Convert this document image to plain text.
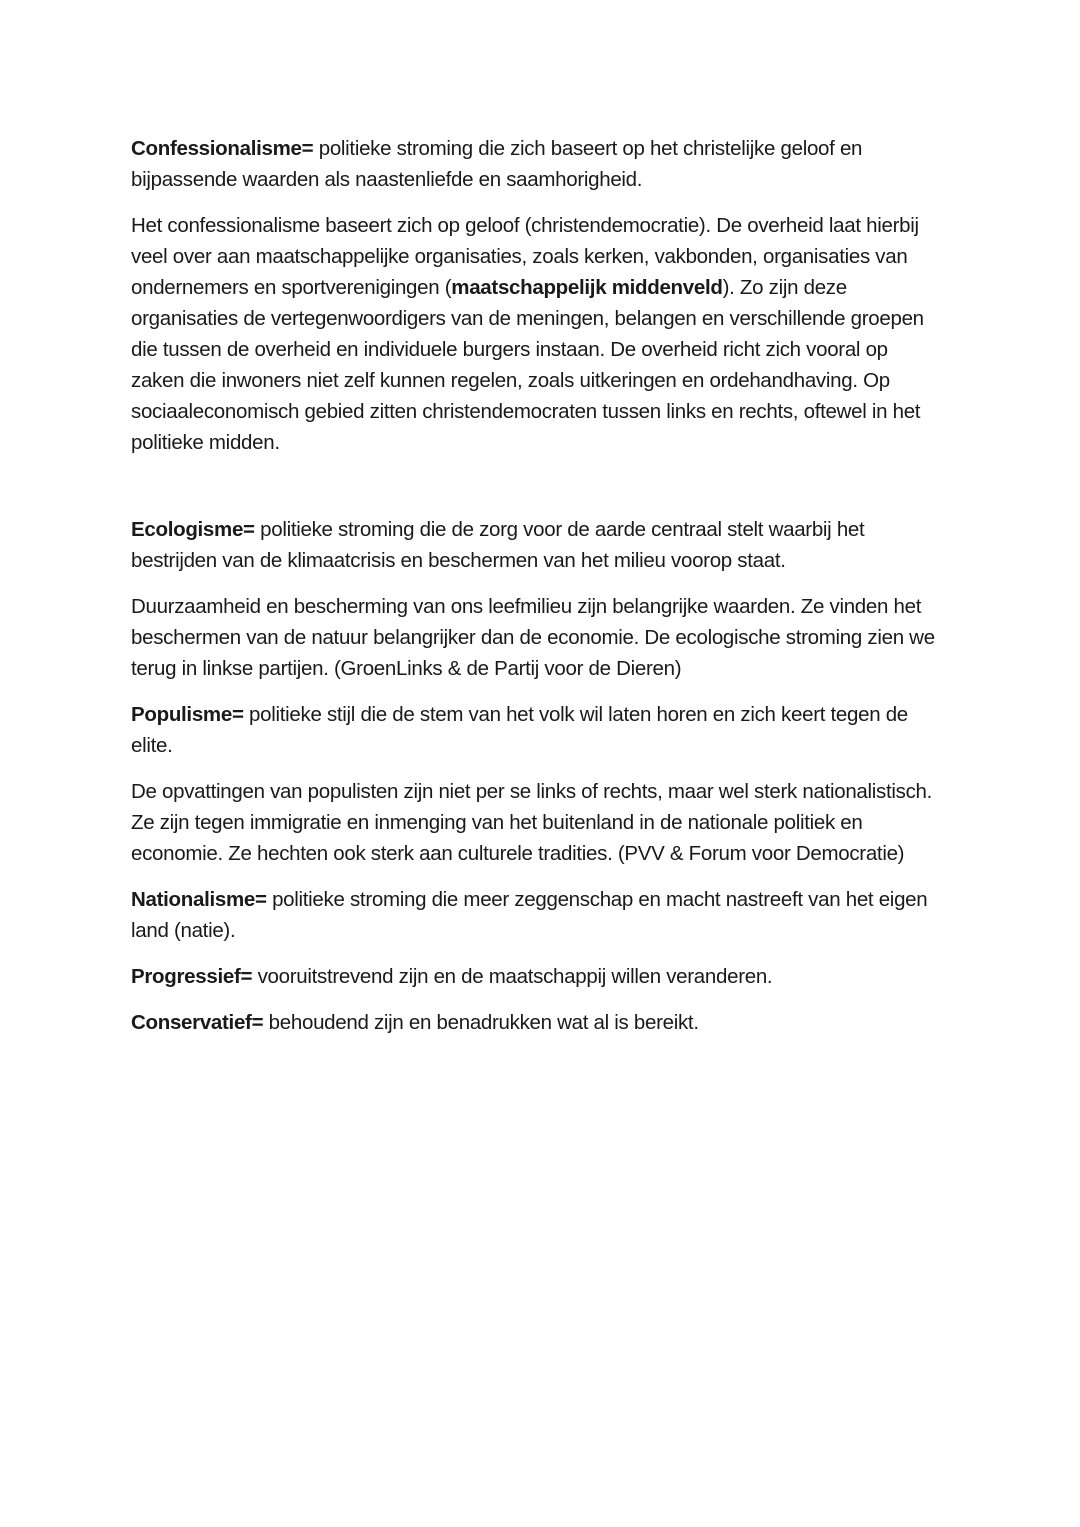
Confessionalisme= politieke stroming die zich baseert op het christelijke geloof en bijpassende waarden als naastenliefde en saamhorigheid.

Het confessionalisme baseert zich op geloof (christendemocratie). De overheid laat hierbij veel over aan maatschappelijke organisaties, zoals kerken, vakbonden, organisaties van ondernemers en sportverenigingen (maatschappelijk middenveld). Zo zijn deze organisaties de vertegenwoordigers van de meningen, belangen en verschillende groepen die tussen de overheid en individuele burgers instaan. De overheid richt zich vooral op zaken die inwoners niet zelf kunnen regelen, zoals uitkeringen en ordehandhaving. Op sociaaleconomisch gebied zitten christendemocraten tussen links en rechts, oftewel in het politieke midden.

Ecologisme= politieke stroming die de zorg voor de aarde centraal stelt waarbij het bestrijden van de klimaatcrisis en beschermen van het milieu voorop staat.

Duurzaamheid en bescherming van ons leefmilieu zijn belangrijke waarden. Ze vinden het beschermen van de natuur belangrijker dan de economie. De ecologische stroming zien we terug in linkse partijen. (GroenLinks & de Partij voor de Dieren)

Populisme= politieke stijl die de stem van het volk wil laten horen en zich keert tegen de elite.

De opvattingen van populisten zijn niet per se links of rechts, maar wel sterk nationalistisch. Ze zijn tegen immigratie en inmenging van het buitenland in de nationale politiek en economie. Ze hechten ook sterk aan culturele tradities. (PVV & Forum voor Democratie)

Nationalisme= politieke stroming die meer zeggenschap en macht nastreeft van het eigen land (natie).

Progressief= vooruitstrevend zijn en de maatschappij willen veranderen.

Conservatief= behoudend zijn en benadrukken wat al is bereikt.
